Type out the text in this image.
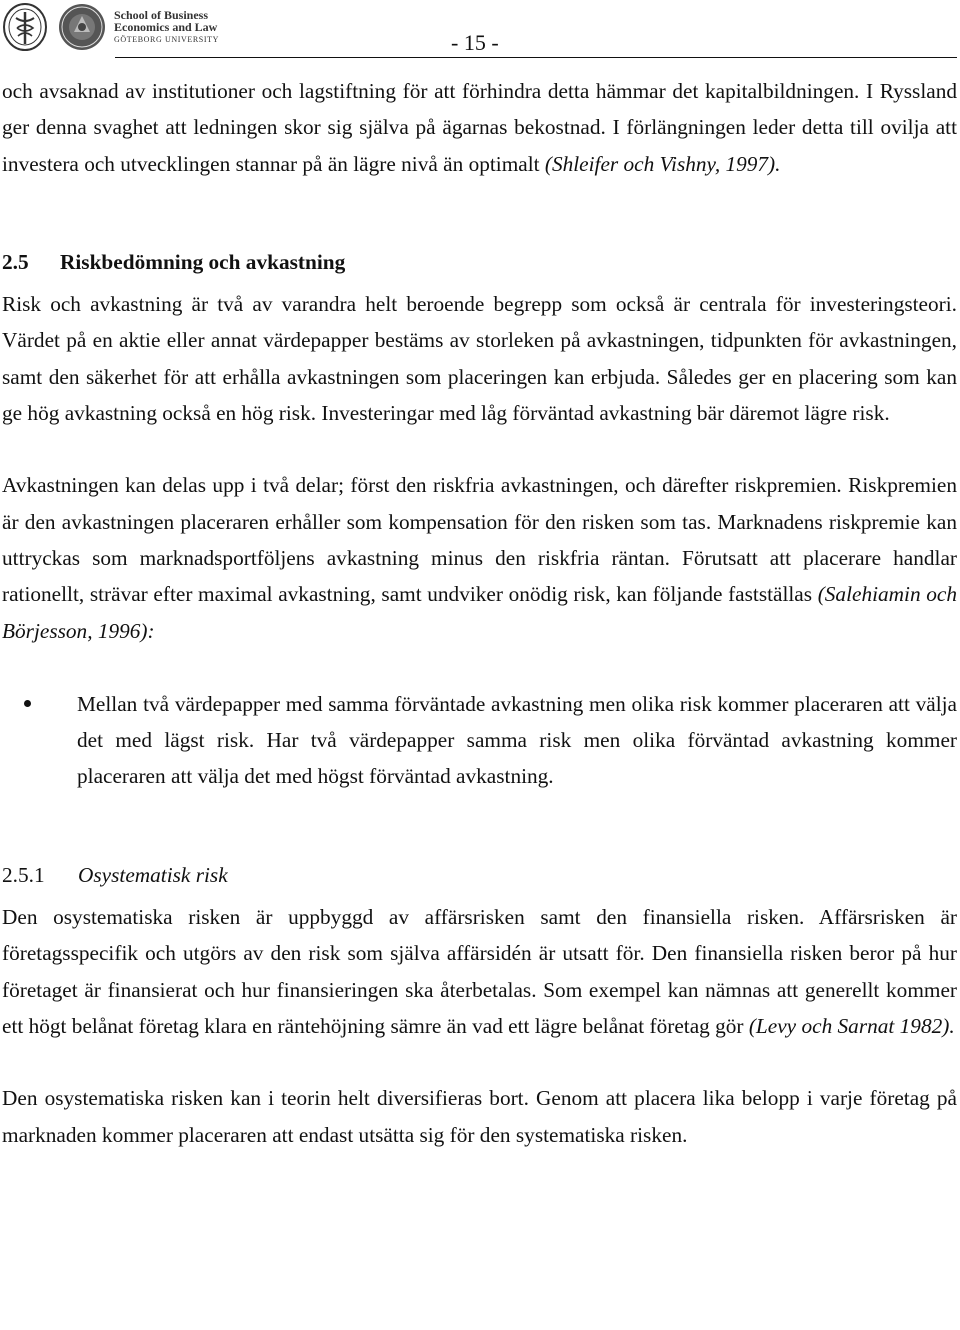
School of Business
Economics and Law
GÖTEBORG UNIVERSITY	- 15 -

och avsaknad av institutioner och lagstiftning för att förhindra detta hämmar det kapitalbildningen. I Ryssland ger denna svaghet att ledningen skor sig själva på ägarnas bekostnad. I förlängningen leder detta till ovilja att investera och utvecklingen stannar på än lägre nivå än optimalt (Shleifer och Vishny, 1997).

2.5 Riskbedömning och avkastning

Risk och avkastning är två av varandra helt beroende begrepp som också är centrala för investeringsteori. Värdet på en aktie eller annat värdepapper bestäms av storleken på avkastningen, tidpunkten för avkastningen, samt den säkerhet för att erhålla avkastningen som placeringen kan erbjuda. Således ger en placering som kan ge hög avkastning också en hög risk. Investeringar med låg förväntad avkastning bär däremot lägre risk.

Avkastningen kan delas upp i två delar; först den riskfria avkastningen, och därefter riskpremien. Riskpremien är den avkastningen placeraren erhåller som kompensation för den risken som tas. Marknadens riskpremie kan uttryckas som marknadsportföljens avkastning minus den riskfria räntan. Förutsatt att placerare handlar rationellt, strävar efter maximal avkastning, samt undviker onödig risk, kan följande fastställas (Salehiamin och Börjesson, 1996):

Mellan två värdepapper med samma förväntade avkastning men olika risk kommer placeraren att välja det med lägst risk. Har två värdepapper samma risk men olika förväntad avkastning kommer placeraren att välja det med högst förväntad avkastning.

2.5.1 Osystematisk risk

Den osystematiska risken är uppbyggd av affärsrisken samt den finansiella risken. Affärsrisken är företagsspecifik och utgörs av den risk som själva affärsidén är utsatt för. Den finansiella risken beror på hur företaget är finansierat och hur finansieringen ska återbetalas. Som exempel kan nämnas att generellt kommer ett högt belånat företag klara en räntehöjning sämre än vad ett lägre belånat företag gör (Levy och Sarnat 1982).

Den osystematiska risken kan i teorin helt diversifieras bort. Genom att placera lika belopp i varje företag på marknaden kommer placeraren att endast utsätta sig för den systematiska risken.
